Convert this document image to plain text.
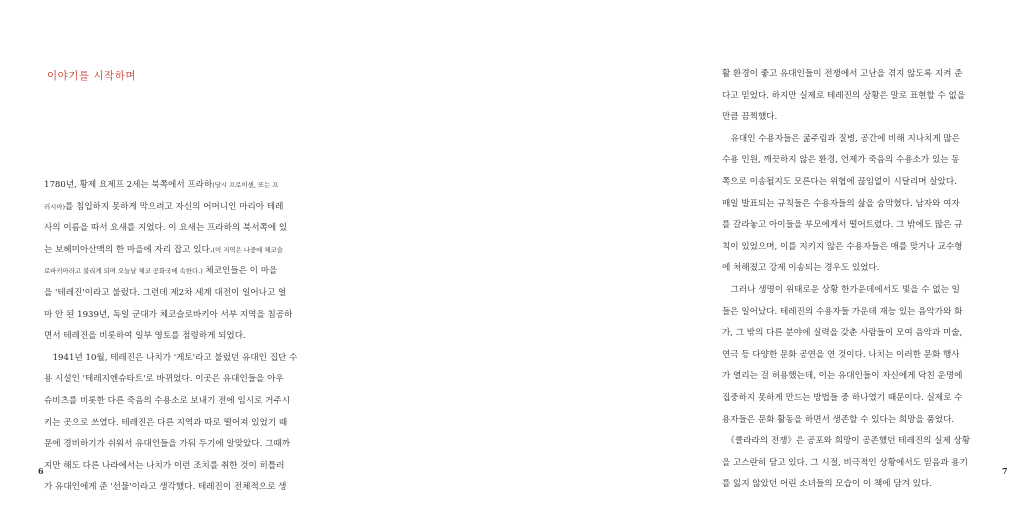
이야기를 시작하며
1780년, 황제 요제프 2세는 북쪽에서 프라하(당시 프로이센, 또는 프
러시아)를 침입하지 못하게 막으려고 자신의 어머니인 마리아 테레
사의 이름을 따서 요새를 지었다. 이 요새는 프라하의 북서쪽에 있
는 보헤미아산맥의 한 마을에 자리 잡고 있다.(이 지역은 나중에 체코슬
로바키아라고 불리게 되며 오늘날 체코 공화국에 속한다.) 체코인들은 이 마을
을 '테레진'이라고 불렀다. 그런데 제2차 세계 대전이 일어나고 얼
마 안 된 1939년, 독일 군대가 체코슬로바키아 서부 지역을 침공하
면서 테레진을 비롯하여 일부 영토를 점령하게 되었다.
　1941년 10월, 테레진은 나치가 '게토'라고 불렀던 유대인 집단 수
용 시설인 '테레지엔슈타트'로 바뀌었다. 이곳은 유대인들을 아우
슈비츠를 비롯한 다른 죽음의 수용소로 보내기 전에 임시로 거주시
키는 곳으로 쓰였다. 테레진은 다른 지역과 따로 떨어져 있었기 때
문에 경비하기가 쉬워서 유대인들을 가둬 두기에 알맞았다. 그때까
지만 해도 다른 나라에서는 나치가 이런 조치를 취한 것이 히틀러
가 유대인에게 준 '선물'이라고 생각했다. 테레진이 전체적으로 생
6
활 환경이 좋고 유대인들이 전쟁에서 고난을 겪지 않도록 지켜 준
다고 믿었다. 하지만 실제로 테레진의 상황은 말로 표현할 수 없을
만큼 끔찍했다.
　유대인 수용자들은 굶주림과 질병, 공간에 비해 지나치게 많은
수용 인원, 깨끗하지 않은 환경, 언제가 죽음의 수용소가 있는 동
쪽으로 이송될지도 모른다는 위협에 끊임없이 시달리며 살았다.
매일 발표되는 규칙들은 수용자들의 삶을 숨막혔다. 남자와 여자
를 갈라놓고 아이들을 부모에게서 떨어트렸다. 그 밖에도 많은 규
칙이 있었으며, 이를 지키지 않은 수용자들은 매를 맞거나 교수형
에 처해졌고 강제 이송되는 경우도 있었다.
　그러나 생명이 위태로운 상황 한가운데에서도 빛을 수 없는 일
들은 일어났다. 테레진의 수용자들 가운데 재능 있는 음악가와 화
가, 그 밖의 다른 분야에 실력을 갖춘 사람들이 모여 음악과 미술,
연극 등 다양한 문화 공연을 연 것이다. 나치는 이러한 문화 행사
가 열리는 걸 허용했는데, 이는 유대인들이 자신에게 닥친 운명에
집중하지 못하게 만드는 방법들 중 하나였기 때문이다. 실제로 수
용자들은 문화 활동을 하면서 생존할 수 있다는 희망을 품었다.
　《클라라의 전쟁》은 공포와 희망이 공존했던 테레진의 실제 상황
을 고스란히 담고 있다. 그 시절, 비극적인 상황에서도 믿음과 용기
를 잃지 않았던 어린 소녀들의 모습이 이 책에 담겨 있다.
7
